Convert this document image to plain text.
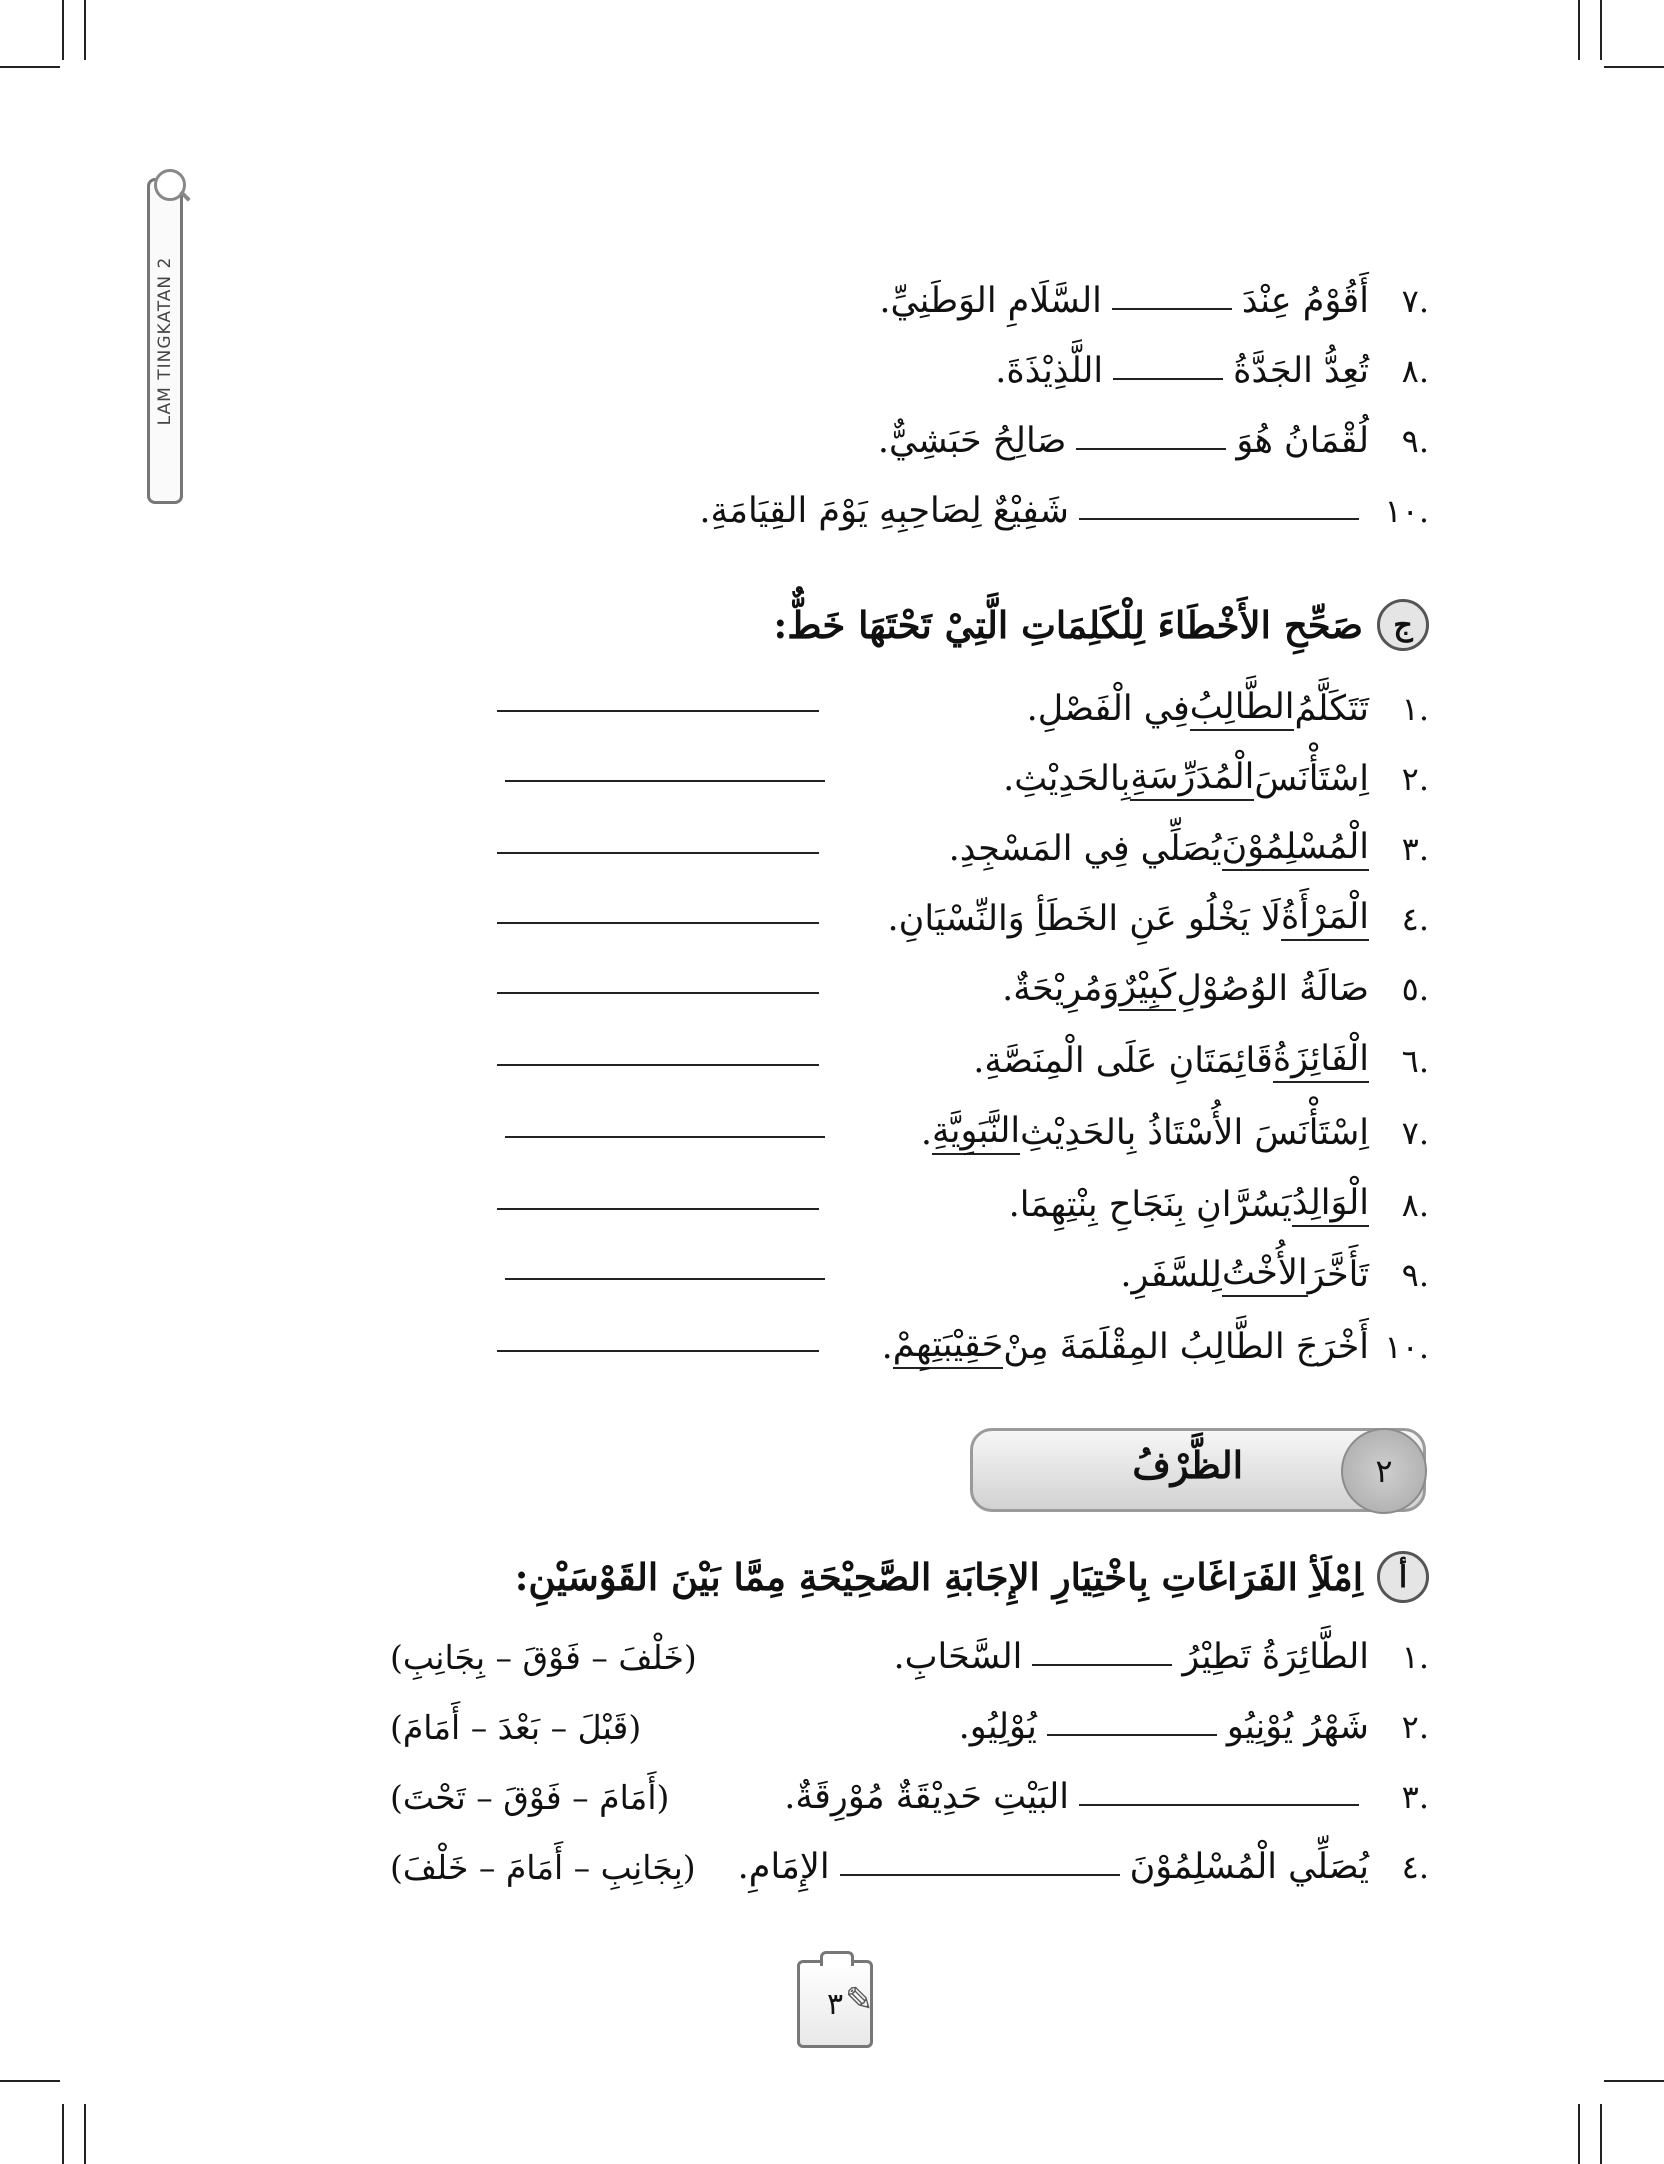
LAM TINGKATAN 2	.٧
أَقُوْمُ عِنْدَ
السَّلَامِ الوَطَنِيِّ.
.٨
تُعِدُّ الجَدَّةُ
اللَّذِيْذَةَ.
.٩
لُقْمَانُ هُوَ
صَالِحُ حَبَشِيٌّ.
.١٠
شَفِيْعٌ لِصَاحِبِهِ يَوْمَ القِيَامَةِ.
ج
صَحِّحِ الأَخْطَاءَ لِلْكَلِمَاتِ الَّتِيْ تَحْتَهَا خَطٌّ:
.١
تَتَكَلَّمُ
الطَّالِبُ
فِي الْفَصْلِ.
.٢
اِسْتَأْنَسَ
الْمُدَرِّسَةِ
بِالحَدِيْثِ.
.٣
الْمُسْلِمُوْنَ
يُصَلِّي فِي المَسْجِدِ.
.٤
الْمَرْأَةُ
لَا يَخْلُو عَنِ الخَطَأِ وَالنِّسْيَانِ.
.٥
صَالَةُ الوُصُوْلِ
كَبِيْرٌ
وَمُرِيْحَةٌ.
.٦
الْفَائِزَةُ
قَائِمَتَانِ عَلَى الْمِنَصَّةِ.
.٧
اِسْتَأْنَسَ الأُسْتَاذُ بِالحَدِيْثِ
النَّبَوِيَّةِ
.
.٨
الْوَالِدُ
يَسُرَّانِ بِنَجَاحِ بِنْتِهِمَا.
.٩
تَأَخَّرَ
الأُخْتُ
لِلسَّفَرِ.
.١٠
أَخْرَجَ الطَّالِبُ المِقْلَمَةَ مِنْ
حَقِيْبَتِهِمْ
.
الظَّرْفُ	٢
أ
اِمْلَأِ الفَرَاغَاتِ بِاخْتِيَارِ الإِجَابَةِ الصَّحِيْحَةِ مِمَّا بَيْنَ القَوْسَيْنِ:
.١
الطَّائِرَةُ تَطِيْرُ
السَّحَابِ.
(خَلْفَ – فَوْقَ – بِجَانِبِ)
.٢
شَهْرُ يُوْنِيُو
يُوْلِيُو.
(قَبْلَ – بَعْدَ – أَمَامَ)
.٣
البَيْتِ حَدِيْقَةٌ مُوْرِقَةٌ.
(أَمَامَ – فَوْقَ – تَحْتَ)
.٤
يُصَلِّي الْمُسْلِمُوْنَ
الإِمَامِ.
(بِجَانِبِ – أَمَامَ – خَلْفَ)
٣ ✎
